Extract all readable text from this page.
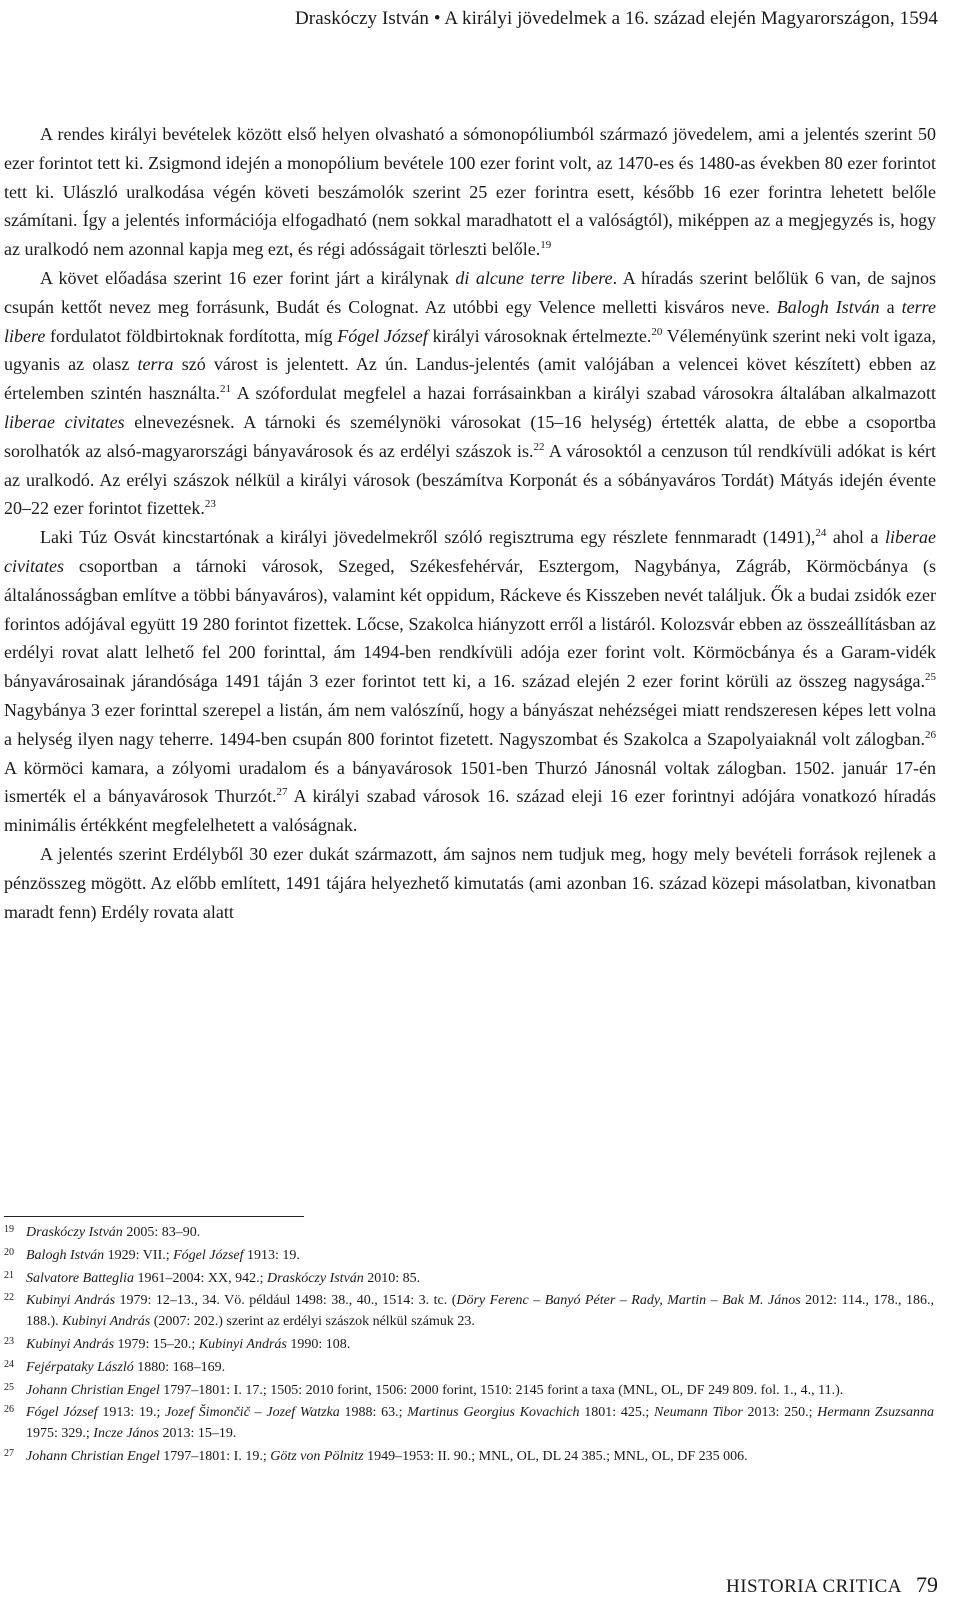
Draskóczy István • A királyi jövedelmek a 16. század elején Magyarországon, 1594

A rendes királyi bevételek között első helyen olvasható a sómonopóliumból származó jövedelem, ami a jelentés szerint 50 ezer forintot tett ki. Zsigmond idején a monopólium bevétele 100 ezer forint volt, az 1470-es és 1480-as években 80 ezer forintot tett ki. Ulászló uralkodása végén követi beszámolók szerint 25 ezer forintra esett, később 16 ezer forintra lehetett belőle számítani. Így a jelentés információja elfogadható (nem sokkal maradhatott el a valóságtól), miképpen az a megjegyzés is, hogy az uralkodó nem azonnal kapja meg ezt, és régi adósságait törleszti belőle.$^{19}$

A követ előadása szerint 16 ezer forint járt a királynak di alcune terre libere. A híradás szerint belőlük 6 van, de sajnos csupán kettőt nevez meg forrásunk, Budát és Colognat. Az utóbbi egy Velence melletti kisváros neve. Balogh István a terre libere fordulatot földbirtoknak fordította, míg Fógel József királyi városoknak értelmezte.$^{20}$ Véleményünk szerint neki volt igaza, ugyanis az olasz terra szó várost is jelentett. Az ún. Landus-jelentés (amit valójában a velencei követ készített) ebben az értelemben szintén használta.$^{21}$ A szófordulat megfelel a hazai forrásainkban a királyi szabad városokra általában alkalmazott liberae civitates elnevezésnek. A tárnoki és személynöki városokat (15–16 helység) értették alatta, de ebbe a csoportba sorolhatók az alsó-magyarországi bányavárosok és az erdélyi szászok is.$^{22}$ A városoktól a cenzuson túl rendkívüli adókat is kért az uralkodó. Az erélyi szászok nélkül a királyi városok (beszámítva Korponát és a sóbányaváros Tordát) Mátyás idején évente 20–22 ezer forintot fizettek.$^{23}$

Laki Túz Osvát kincstartónak a királyi jövedelmekről szóló regisztruma egy részlete fennmaradt (1491),$^{24}$ ahol a liberae civitates csoportban a tárnoki városok, Szeged, Székesfehérvár, Esztergom, Nagybánya, Zágráb, Körmöcbánya (s általánosságban említve a többi bányaváros), valamint két oppidum, Ráckeve és Kisszeben nevét találjuk. Ők a budai zsidók ezer forintos adójával együtt 19 280 forintot fizettek. Lőcse, Szakolca hiányzott erről a listáról. Kolozsvár ebben az összeállításban az erdélyi rovat alatt lelhető fel 200 forinttal, ám 1494-ben rendkívüli adója ezer forint volt. Körmöcbánya és a Garam-vidék bányavárosainak járandósága 1491 táján 3 ezer forintot tett ki, a 16. század elején 2 ezer forint körüli az összeg nagysága.$^{25}$ Nagybánya 3 ezer forinttal szerepel a listán, ám nem valószínű, hogy a bányászat nehézségei miatt rendszeresen képes lett volna a helység ilyen nagy teherre. 1494-ben csupán 800 forintot fizetett. Nagyszombat és Szakolca a Szapolyaiaknál volt zálogban.$^{26}$ A körmöci kamara, a zólyomi uradalom és a bányavárosok 1501-ben Thurzó Jánosnál voltak zálogban. 1502. január 17-én ismerték el a bányavárosok Thurzót.$^{27}$ A királyi szabad városok 16. század eleji 16 ezer forintnyi adójára vonatkozó híradás minimális értékként megfelelhetett a valóságnak.

A jelentés szerint Erdélyből 30 ezer dukát származott, ám sajnos nem tudjuk meg, hogy mely bevételi források rejlenek a pénzösszeg mögött. Az előbb említett, 1491 tájára helyezhető kimutatás (ami azonban 16. század közepi másolatban, kivonatban maradt fenn) Erdély rovata alatt

19 Draskóczy István 2005: 83–90.
20 Balogh István 1929: VII.; Fógel József 1913: 19.
21 Salvatore Batteglia 1961–2004: XX, 942.; Draskóczy István 2010: 85.
22 Kubinyi András 1979: 12–13., 34. Vö. például 1498: 38., 40., 1514: 3. tc. (Döry Ferenc – Banyó Péter – Rady, Martin – Bak M. János 2012: 114., 178., 186., 188.). Kubinyi András (2007: 202.) szerint az erdélyi szászok nélkül számuk 23.
23 Kubinyi András 1979: 15–20.; Kubinyi András 1990: 108.
24 Fejérpataky László 1880: 168–169.
25 Johann Christian Engel 1797–1801: I. 17.; 1505: 2010 forint, 1506: 2000 forint, 1510: 2145 forint a taxa (MNL, OL, DF 249 809. fol. 1., 4., 11.).
26 Fógel József 1913: 19.; Jozef Šimončič – Jozef Watzka 1988: 63.; Martinus Georgius Kovachich 1801: 425.; Neumann Tibor 2013: 250.; Hermann Zsuzsanna 1975: 329.; Incze János 2013: 15–19.
27 Johann Christian Engel 1797–1801: I. 19.; Götz von Pölnitz 1949–1953: II. 90.; MNL, OL, DL 24 385.; MNL, OL, DF 235 006.
HISTORIA CRITICA 79
